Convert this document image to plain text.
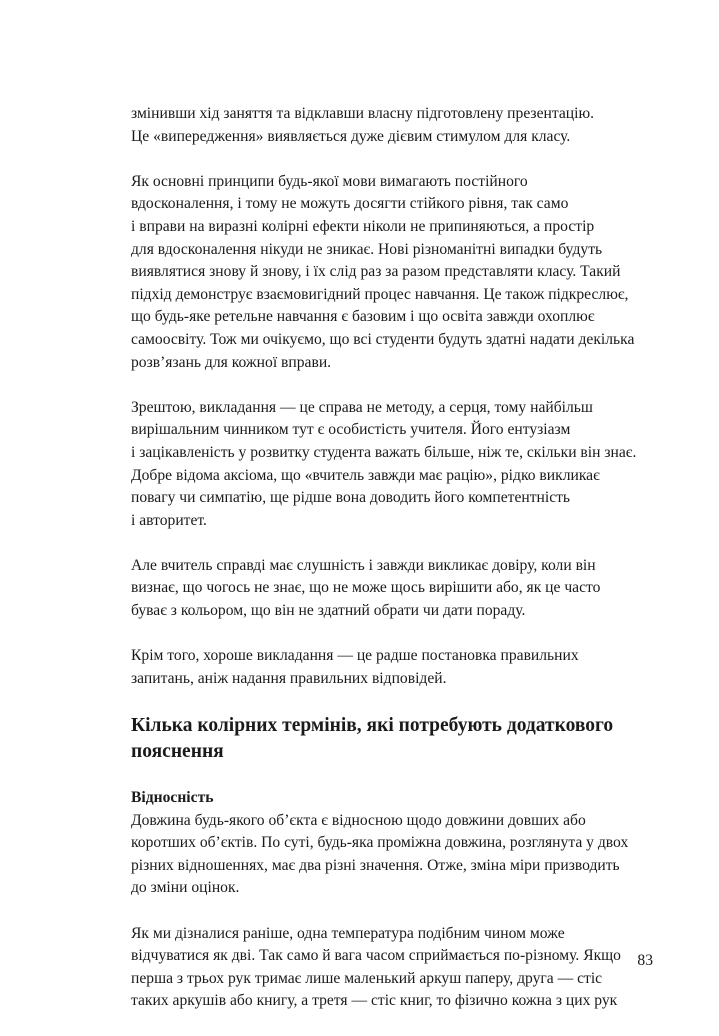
змінивши хід заняття та відклавши власну підготовлену презентацію.
Це «випередження» виявляється дуже дієвим стимулом для класу.

Як основні принципи будь-якої мови вимагають постійного
вдосконалення, і тому не можуть досягти стійкого рівня, так само
і вправи на виразні колірні ефекти ніколи не припиняються, а простір
для вдосконалення нікуди не зникає. Нові різноманітні випадки будуть
виявлятися знову й знову, і їх слід раз за разом представляти класу. Такий
підхід демонструє взаємовигідний процес навчання. Це також підкреслює,
що будь-яке ретельне навчання є базовим і що освіта завжди охоплює
самоосвіту. Тож ми очікуємо, що всі студенти будуть здатні надати декілька
розв’язань для кожної вправи.

Зрештою, викладання — це справа не методу, а серця, тому найбільш
вирішальним чинником тут є особистість учителя. Його ентузіазм
і зацікавленість у розвитку студента важать більше, ніж те, скільки він знає.
Добре відома аксіома, що «вчитель завжди має рацію», рідко викликає
повагу чи симпатію, ще рідше вона доводить його компетентність
і авторитет.

Але вчитель справді має слушність і завжди викликає довіру, коли він
визнає, що чогось не знає, що не може щось вирішити або, як це часто
буває з кольором, що він не здатний обрати чи дати пораду.

Крім того, хороше викладання — це радше постановка правильних
запитань, аніж надання правильних відповідей.

Кілька колірних термінів, які потребують додаткового
пояснення
Відносність

Довжина будь-якого об’єкта є відносною щодо довжини довших або
коротших об’єктів. По суті, будь-яка проміжна довжина, розглянута у двох
різних відношеннях, має два різні значення. Отже, зміна міри призводить
до зміни оцінок.

Як ми дізналися раніше, одна температура подібним чином може
відчуватися як дві. Так само й вага часом сприймається по-різному. Якщо
перша з трьох рук тримає лише маленький аркуш паперу, друга — стіс
таких аркушів або книгу, а третя — стіс книг, то фізично кожна з цих рук

83
